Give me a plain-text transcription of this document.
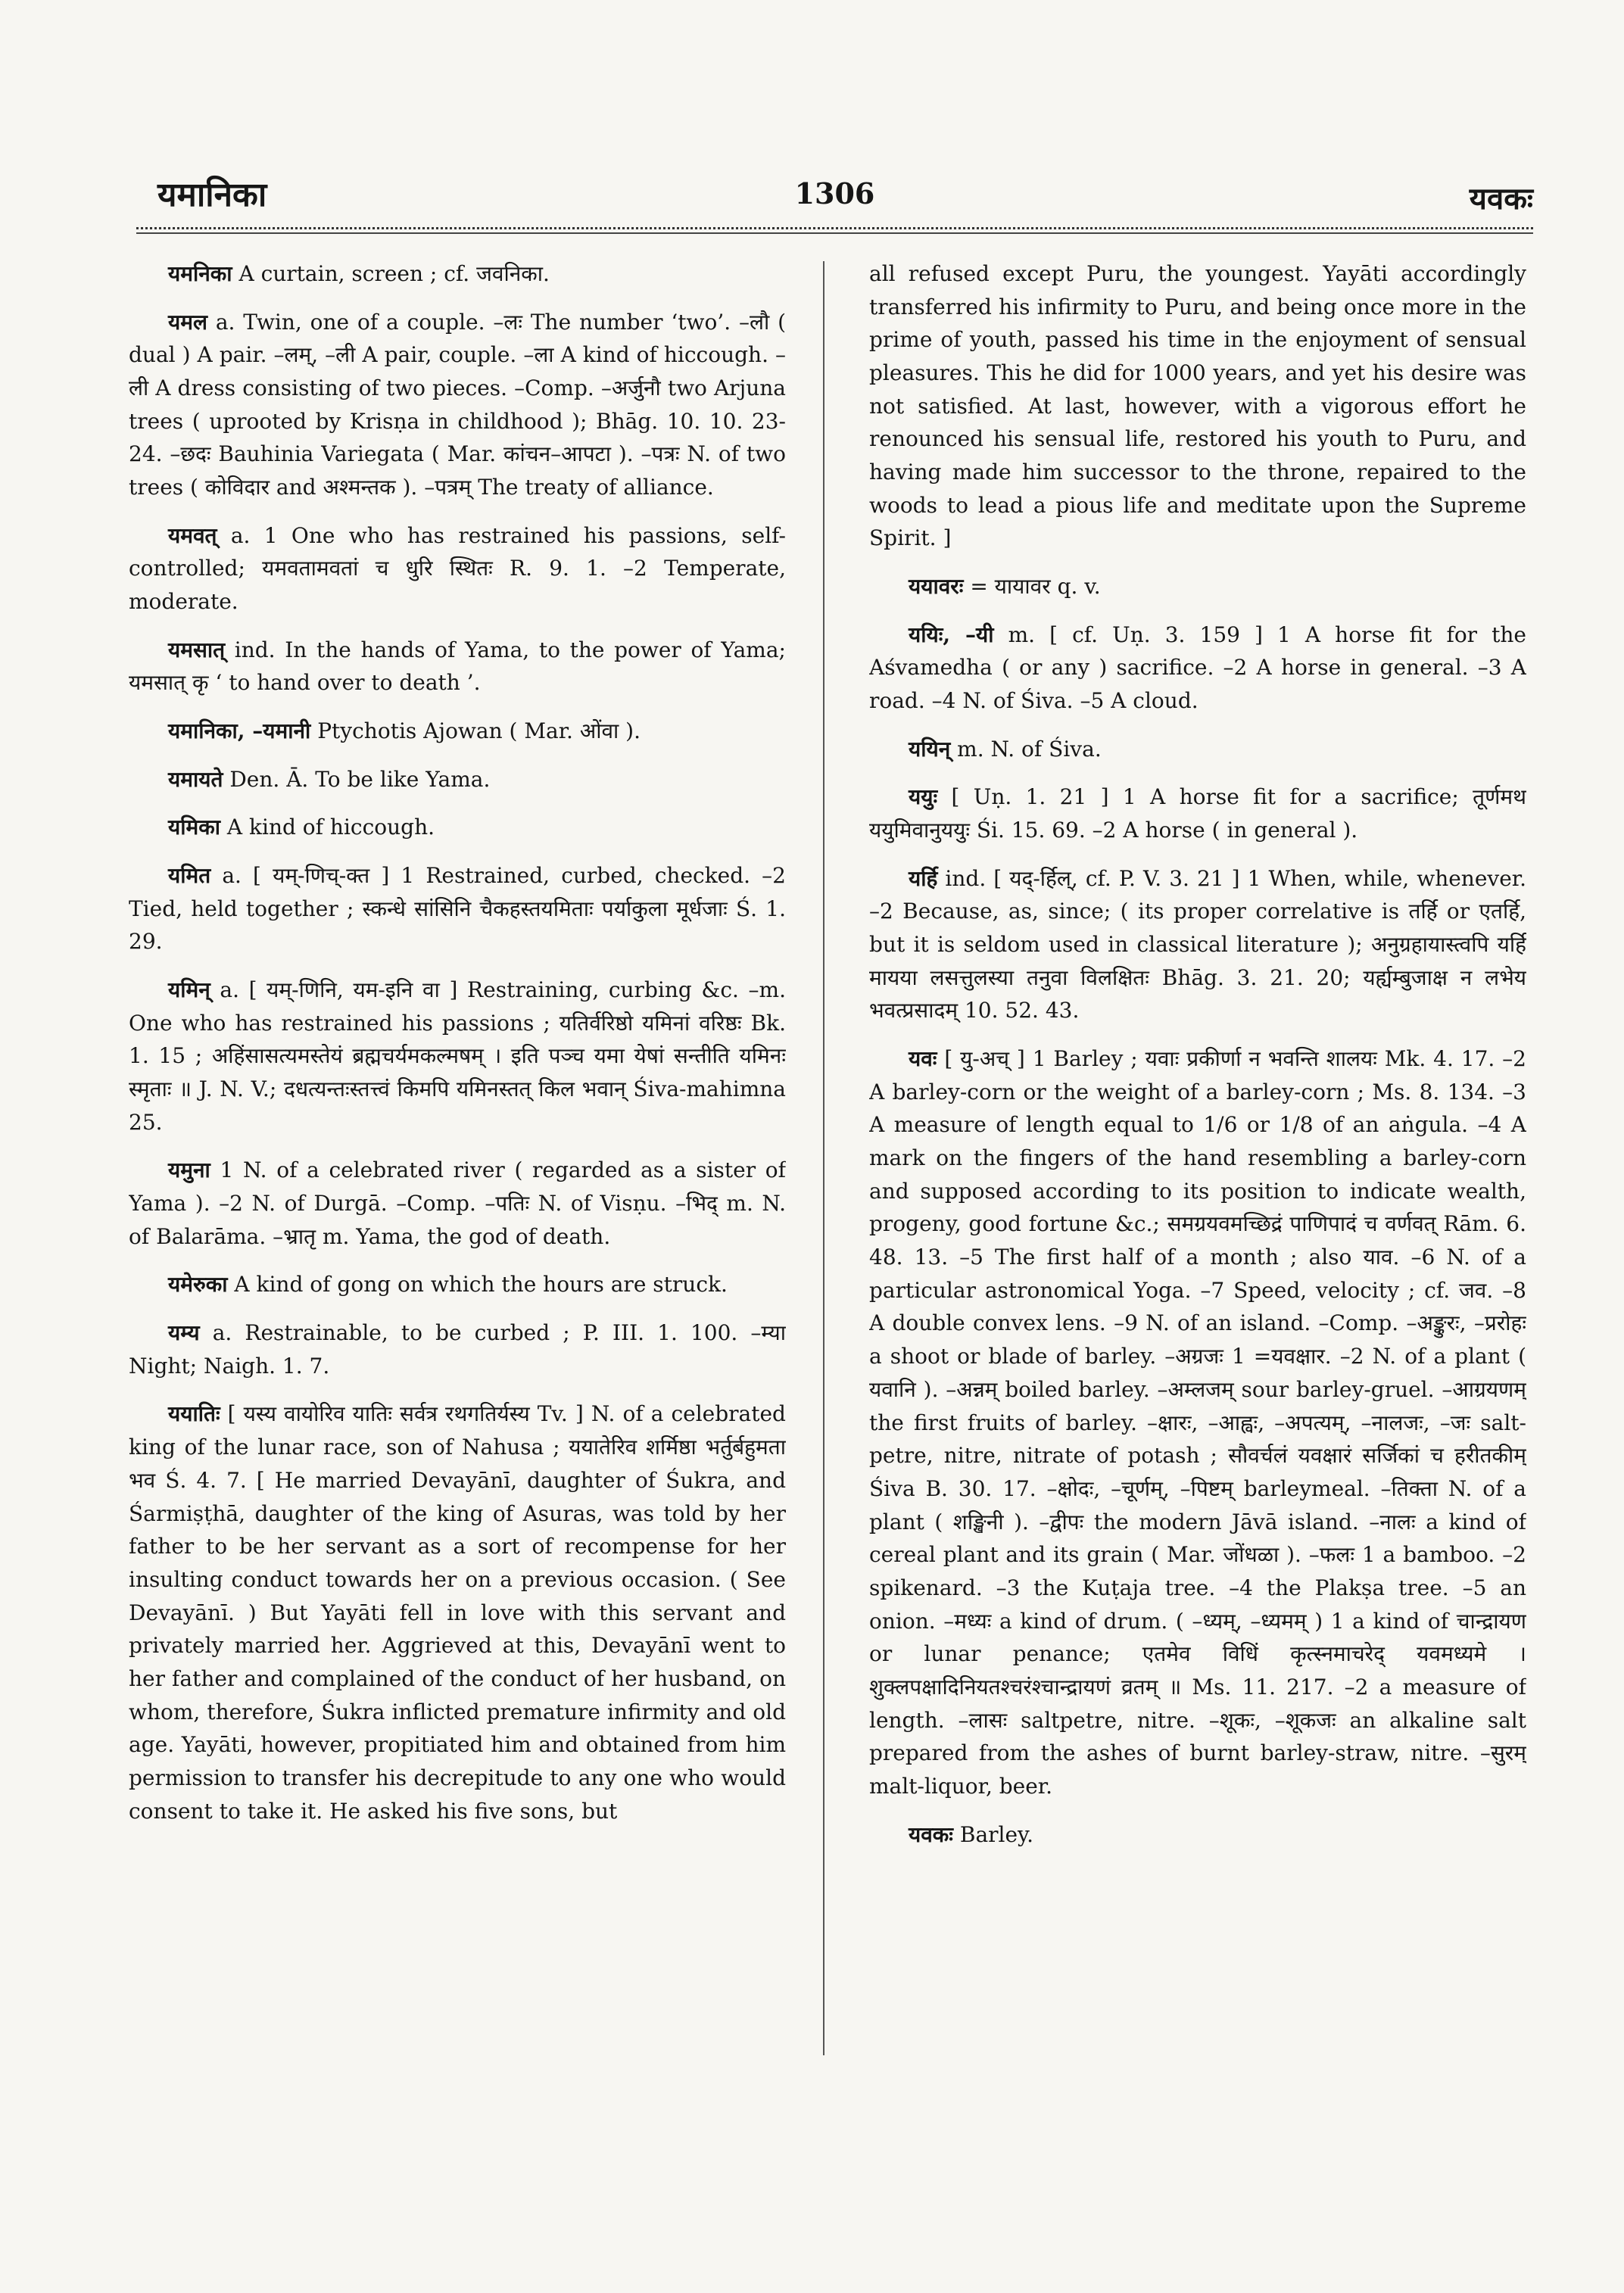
यमानिका	1306	यवकः

यमनिका A curtain, screen ; cf. जवनिका.

यमल a. Twin, one of a couple. –लः The number ‘two’. –लौ ( dual ) A pair. –लम्, –ली A pair, couple. –ला A kind of hiccough. –ली A dress consisting of two pieces. –Comp. –अर्जुनौ two Arjuna trees ( uprooted by Krisṇa in childhood ); Bhāg. 10. 10. 23-24. –छदः Bauhinia Variegata ( Mar. कांचन–आपटा ). –पत्रः N. of two trees ( कोविदार and अश्मन्तक ). –पत्रम् The treaty of alliance.

यमवत् a. 1 One who has restrained his passions, self-controlled; यमवतामवतां च धुरि स्थितः R. 9. 1. –2 Temperate, moderate.

यमसात् ind. In the hands of Yama, to the power of Yama; यमसात् कृ ‘ to hand over to death ’.

यमानिका, –यमानी Ptychotis Ajowan ( Mar. ओंवा ).

यमायते Den. Ā. To be like Yama.

यमिका A kind of hiccough.

यमित a. [ यम्-णिच्-क्त ] 1 Restrained, curbed, checked. –2 Tied, held together ; स्कन्धे सांसिनि चैकहस्तयमिताः पर्याकुला मूर्धजाः Ś. 1. 29.

यमिन् a. [ यम्-णिनि, यम-इनि वा ] Restraining, curbing &c. –m. One who has restrained his passions ; यतिर्वरिष्ठो यमिनां वरिष्ठः Bk. 1. 15 ; अहिंसासत्यमस्तेयं ब्रह्मचर्यमकल्मषम् । इति पञ्च यमा येषां सन्तीति यमिनः स्मृताः ॥ J. N. V.; दधत्यन्तःस्तत्त्वं किमपि यमिनस्तत् किल भवान् Śiva-mahimna 25.

यमुना 1 N. of a celebrated river ( regarded as a sister of Yama ). –2 N. of Durgā. –Comp. –पतिः N. of Visṇu. –भिद् m. N. of Balarāma. –भ्रातृ m. Yama, the god of death.

यमेरुका A kind of gong on which the hours are struck.

यम्य a. Restrainable, to be curbed ; P. III. 1. 100. –म्या Night; Naigh. 1. 7.

ययातिः [ यस्य वायोरिव यातिः सर्वत्र रथगतिर्यस्य Tv. ] N. of a celebrated king of the lunar race, son of Nahusa ; ययातेरिव शर्मिष्ठा भर्तुर्बहुमता भव Ś. 4. 7. [ He married Devayānī, daughter of Śukra, and Śarmiṣṭhā, daughter of the king of Asuras, was told by her father to be her servant as a sort of recompense for her insulting conduct towards her on a previous occasion. ( See Devayānī. ) But Yayāti fell in love with this servant and privately married her. Aggrieved at this, Devayānī went to her father and complained of the conduct of her husband, on whom, therefore, Śukra inflicted premature infirmity and old age. Yayāti, however, propitiated him and obtained from him permission to transfer his decrepitude to any one who would consent to take it. He asked his five sons, but

all refused except Puru, the youngest. Yayāti accordingly transferred his infirmity to Puru, and being once more in the prime of youth, passed his time in the enjoyment of sensual pleasures. This he did for 1000 years, and yet his desire was not satisfied. At last, however, with a vigorous effort he renounced his sensual life, restored his youth to Puru, and having made him successor to the throne, repaired to the woods to lead a pious life and meditate upon the Supreme Spirit. ]

ययावरः = यायावर q. v.

ययिः, –यी m. [ cf. Uṇ. 3. 159 ] 1 A horse fit for the Aśvamedha ( or any ) sacrifice. –2 A horse in general. –3 A road. –4 N. of Śiva. –5 A cloud.

ययिन् m. N. of Śiva.

ययुः [ Uṇ. 1. 21 ] 1 A horse fit for a sacrifice; तूर्णमथ ययुमिवानुययुः Śi. 15. 69. –2 A horse ( in general ).

यर्हि ind. [ यद्-र्हिल्, cf. P. V. 3. 21 ] 1 When, while, whenever. –2 Because, as, since; ( its proper correlative is तर्हि or एतर्हि, but it is seldom used in classical literature ); अनुग्रहायास्त्वपि यर्हि मायया लसत्तुलस्या तनुवा विलक्षितः Bhāg. 3. 21. 20; यर्ह्यम्बुजाक्ष न लभेय भवत्प्रसादम् 10. 52. 43.

यवः [ यु-अच् ] 1 Barley ; यवाः प्रकीर्णा न भवन्ति शालयः Mk. 4. 17. –2 A barley-corn or the weight of a barley-corn ; Ms. 8. 134. –3 A measure of length equal to 1/6 or 1/8 of an aṅgula. –4 A mark on the fingers of the hand resembling a barley-corn and supposed according to its position to indicate wealth, progeny, good fortune &c.; समग्रयवमच्छिद्रं पाणिपादं च वर्णवत् Rām. 6. 48. 13. –5 The first half of a month ; also याव. –6 N. of a particular astronomical Yoga. –7 Speed, velocity ; cf. जव. –8 A double convex lens. –9 N. of an island. –Comp. –अङ्कुरः, –प्ररोहः a shoot or blade of barley. –अग्रजः 1 =यवक्षार. –2 N. of a plant ( यवानि ). –अन्नम् boiled barley. –अम्लजम् sour barley-gruel. –आग्रयणम् the first fruits of barley. –क्षारः, –आह्वः, –अपत्यम्, –नालजः, –जः salt-petre, nitre, nitrate of potash ; सौवर्चलं यवक्षारं सर्जिकां च हरीतकीम् Śiva B. 30. 17. –क्षोदः, –चूर्णम्, –पिष्टम् barleymeal. –तिक्ता N. of a plant ( शङ्खिनी ). –द्वीपः the modern Jāvā island. –नालः a kind of cereal plant and its grain ( Mar. जोंधळा ). –फलः 1 a bamboo. –2 spikenard. –3 the Kuṭaja tree. –4 the Plakṣa tree. –5 an onion. –मध्यः a kind of drum. ( –ध्यम्, –ध्यमम् ) 1 a kind of चान्द्रायण or lunar penance; एतमेव विधिं कृत्स्नमाचरेद् यवमध्यमे । शुक्लपक्षादिनियतश्चरंश्चान्द्रायणं व्रतम् ॥ Ms. 11. 217. –2 a measure of length. –लासः saltpetre, nitre. –शूकः, –शूकजः an alkaline salt prepared from the ashes of burnt barley-straw, nitre. –सुरम् malt-liquor, beer.

यवकः Barley.
